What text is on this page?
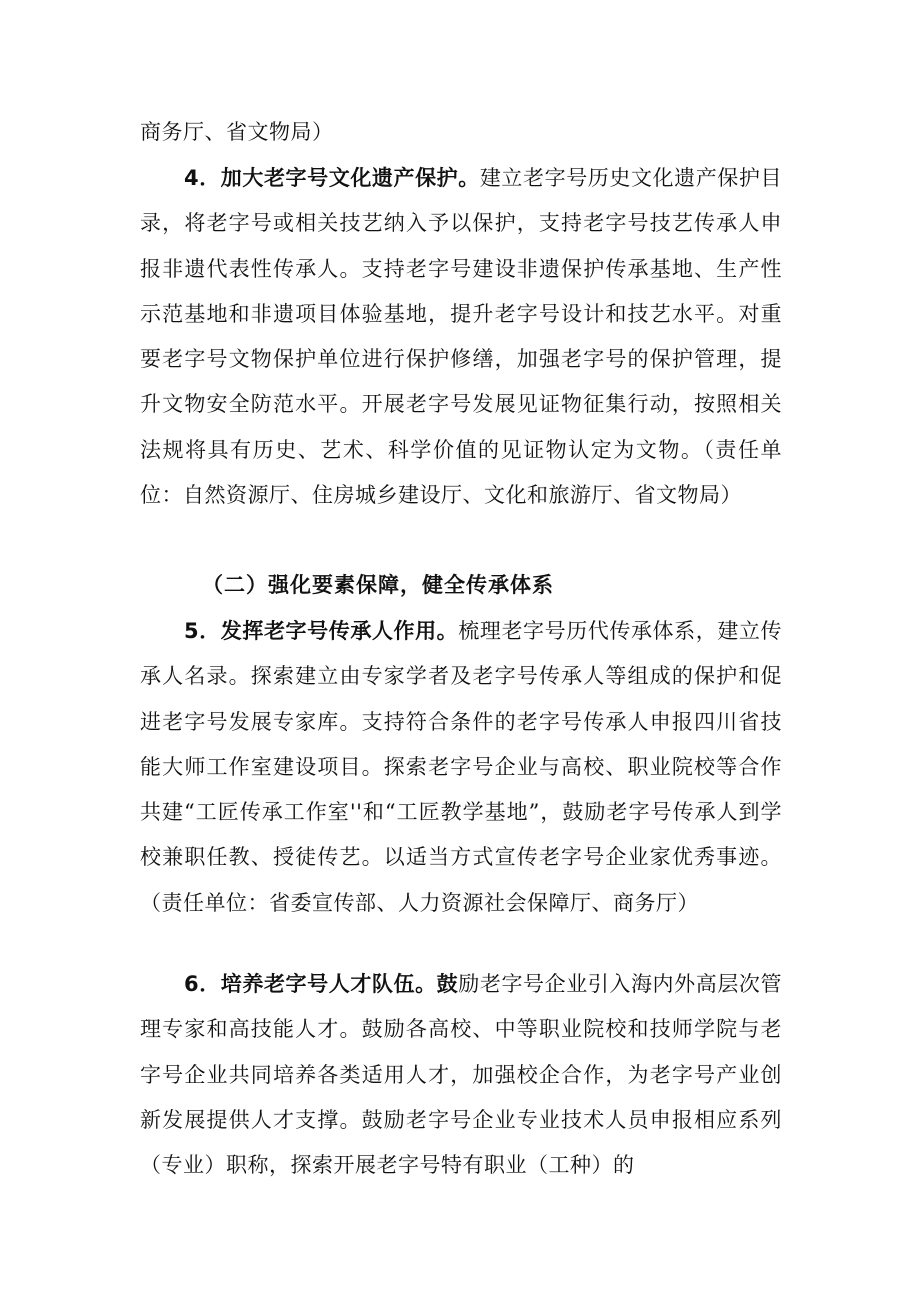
商务厅、省文物局）

4．加大老字号文化遗产保护。建立老字号历史文化遗产保护目录，将老字号或相关技艺纳入予以保护，支持老字号技艺传承人申报非遗代表性传承人。支持老字号建设非遗保护传承基地、生产性示范基地和非遗项目体验基地，提升老字号设计和技艺水平。对重要老字号文物保护单位进行保护修缮，加强老字号的保护管理，提升文物安全防范水平。开展老字号发展见证物征集行动，按照相关法规将具有历史、艺术、科学价值的见证物认定为文物。（责任单位：自然资源厅、住房城乡建设厅、文化和旅游厅、省文物局）

（二）强化要素保障，健全传承体系

5．发挥老字号传承人作用。梳理老字号历代传承体系，建立传承人名录。探索建立由专家学者及老字号传承人等组成的保护和促进老字号发展专家库。支持符合条件的老字号传承人申报四川省技能大师工作室建设项目。探索老字号企业与高校、职业院校等合作共建“工匠传承工作室''和“工匠教学基地”，鼓励老字号传承人到学校兼职任教、授徒传艺。以适当方式宣传老字号企业家优秀事迹。（责任单位：省委宣传部、人力资源社会保障厅、商务厅）

6．培养老字号人才队伍。鼓励老字号企业引入海内外高层次管理专家和高技能人才。鼓励各高校、中等职业院校和技师学院与老字号企业共同培养各类适用人才，加强校企合作，为老字号产业创新发展提供人才支撑。鼓励老字号企业专业技术人员申报相应系列（专业）职称，探索开展老字号特有职业（工种）的
